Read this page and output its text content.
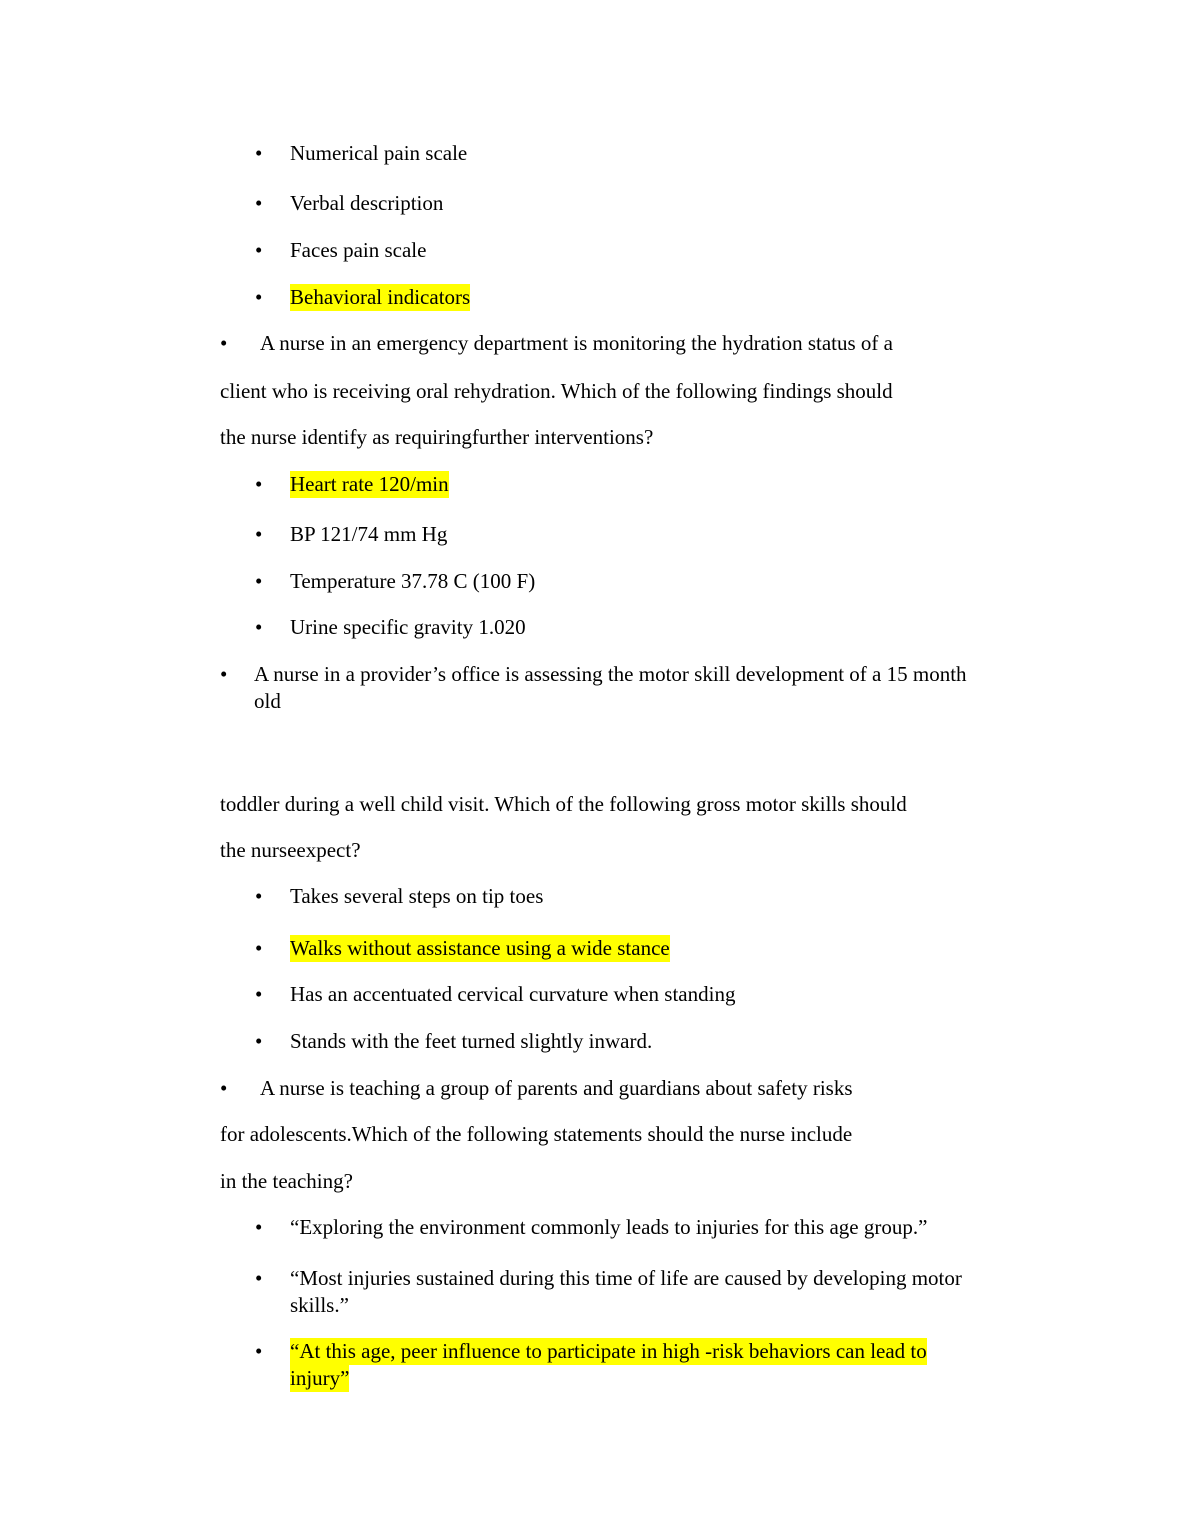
• Numerical pain scale
• Verbal description
• Faces pain scale
• Behavioral indicators
• A nurse in an emergency department is monitoring the hydration status of a
client who is receiving oral rehydration. Which of the following findings should
the nurse identify as requiringfurther interventions?
• Heart rate 120/min
• BP 121/74 mm Hg
• Temperature 37.78 C (100 F)
• Urine specific gravity 1.020
• A nurse in a provider’s office is assessing the motor skill development of a 15 month
old
toddler during a well child visit. Which of the following gross motor skills should
the nurseexpect?
• Takes several steps on tip toes
• Walks without assistance using a wide stance
• Has an accentuated cervical curvature when standing
• Stands with the feet turned slightly inward.
• A nurse is teaching a group of parents and guardians about safety risks
for adolescents.Which of the following statements should the nurse include
in the teaching?
• “Exploring the environment commonly leads to injuries for this age group.”
• “Most injuries sustained during this time of life are caused by developing motor
skills.”
• “At this age, peer influence to participate in high -risk behaviors can lead to
injury”
